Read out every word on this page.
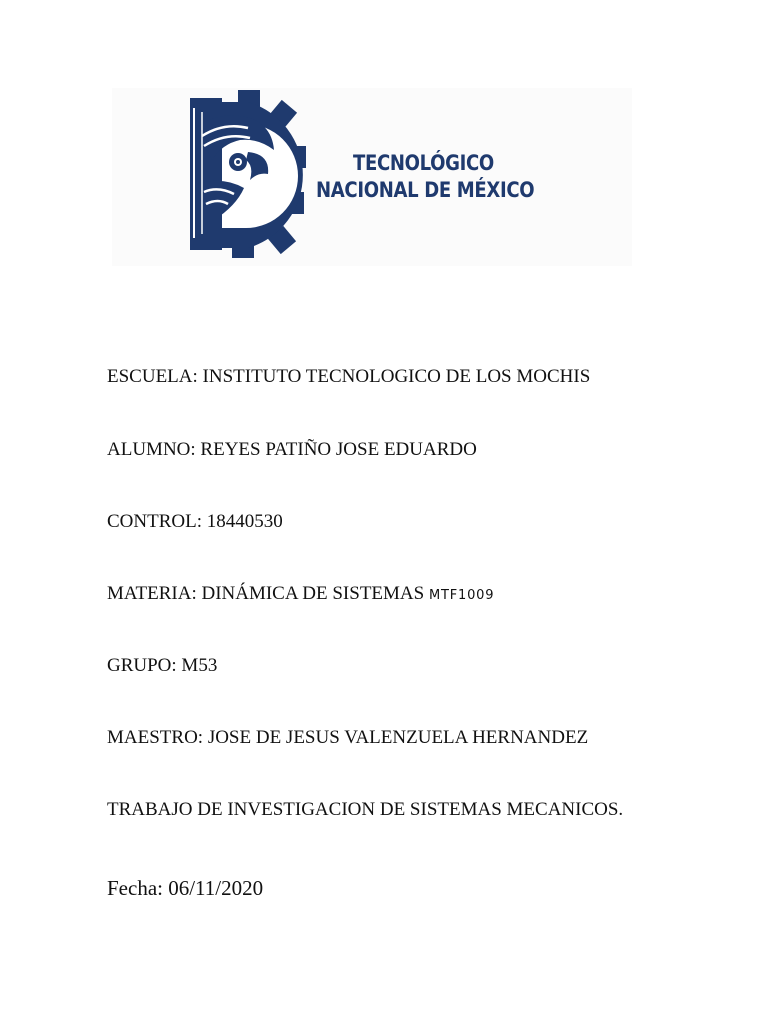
TECNOLÓGICO
NACIONAL DE MÉXICO
ESCUELA: INSTITUTO TECNOLOGICO DE LOS MOCHIS
ALUMNO: REYES PATIÑO JOSE EDUARDO
CONTROL: 18440530
MATERIA: DINÁMICA DE SISTEMAS MTF1009
GRUPO: M53
MAESTRO: JOSE DE JESUS VALENZUELA HERNANDEZ
TRABAJO DE INVESTIGACION DE SISTEMAS MECANICOS.
Fecha: 06/11/2020
